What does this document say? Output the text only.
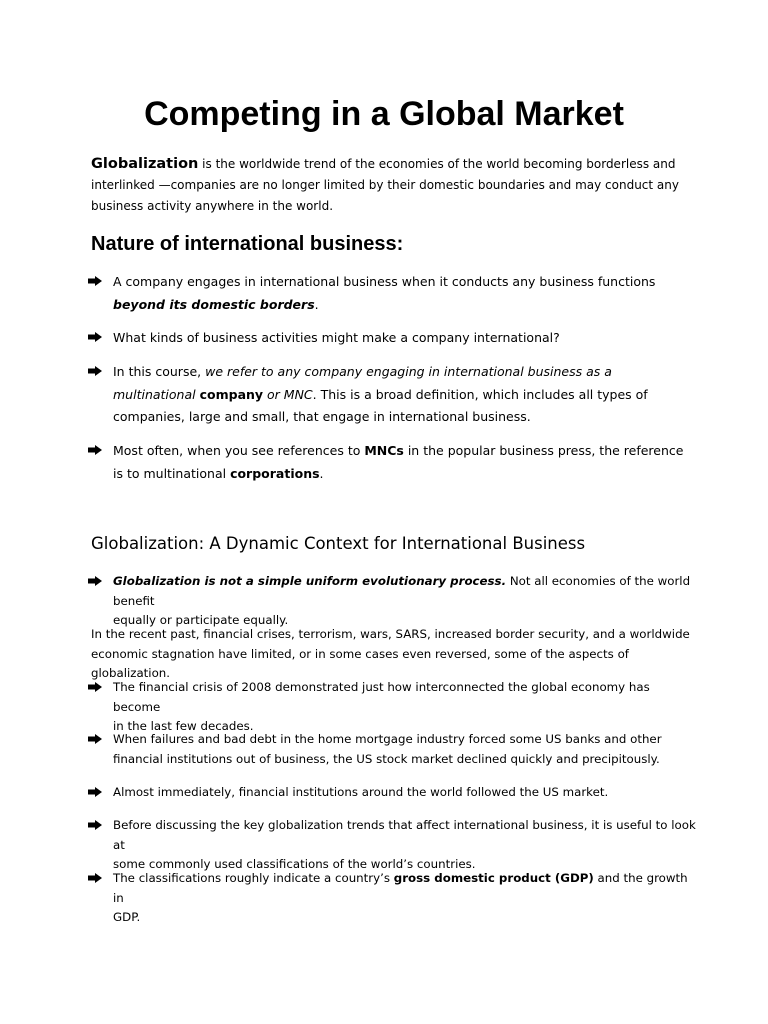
Competing in a Global Market
Globalization is the worldwide trend of the economies of the world becoming borderless and
interlinked —companies are no longer limited by their domestic boundaries and may conduct any
business activity anywhere in the world.
Nature of international business:
A company engages in international business when it conducts any business functions
beyond its domestic borders.
What kinds of business activities might make a company international?
In this course, we refer to any company engaging in international business as a
multinational company or MNC. This is a broad definition, which includes all types of
companies, large and small, that engage in international business.
Most often, when you see references to MNCs in the popular business press, the reference
is to multinational corporations.
Globalization: A Dynamic Context for International Business
Globalization is not a simple uniform evolutionary process. Not all economies of the world benefit
equally or participate equally.
In the recent past, financial crises, terrorism, wars, SARS, increased border security, and a worldwide
economic stagnation have limited, or in some cases even reversed, some of the aspects of globalization.
The financial crisis of 2008 demonstrated just how interconnected the global economy has become
in the last few decades.
When failures and bad debt in the home mortgage industry forced some US banks and other
financial institutions out of business, the US stock market declined quickly and precipitously.
Almost immediately, financial institutions around the world followed the US market.
Before discussing the key globalization trends that affect international business, it is useful to look at
some commonly used classifications of the world’s countries.
The classifications roughly indicate a country’s gross domestic product (GDP) and the growth in
GDP.
